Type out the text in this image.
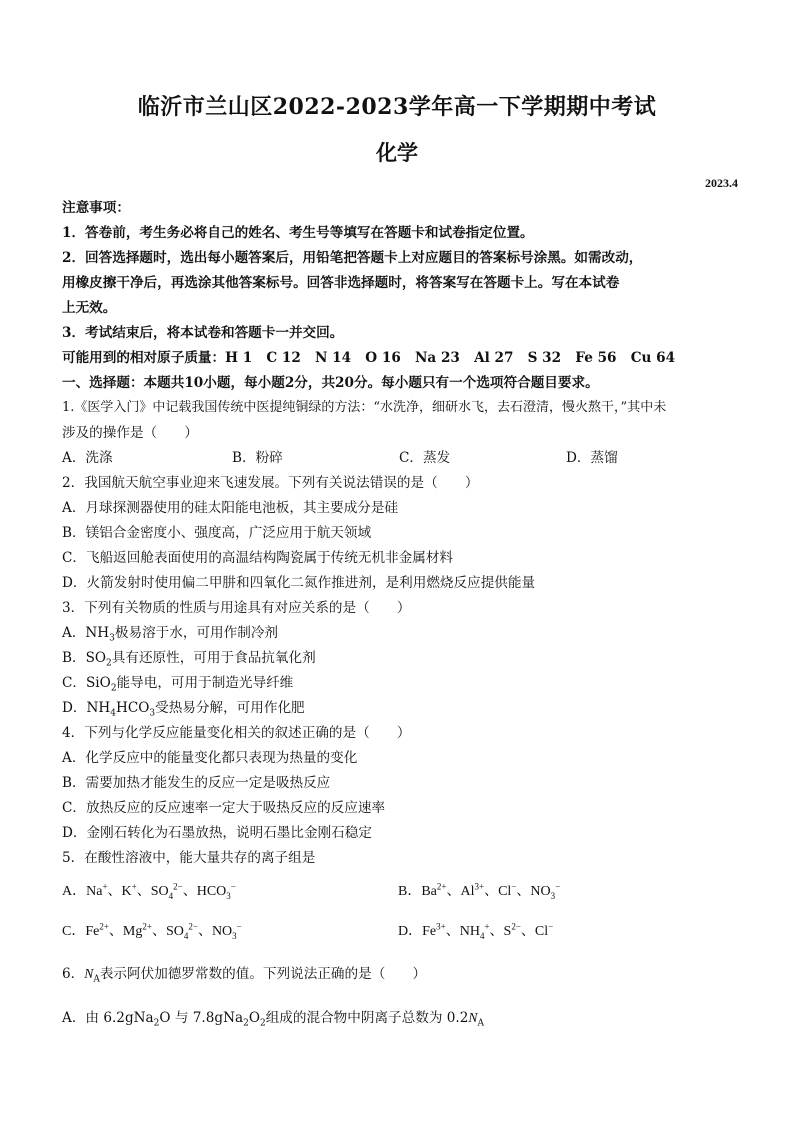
临沂市兰山区2022-2023学年高一下学期期中考试
化学
2023.4
注意事项：
1．答卷前，考生务必将自己的姓名、考生号等填写在答题卡和试卷指定位置。
2．回答选择题时，选出每小题答案后，用铅笔把答题卡上对应题目的答案标号涂黑。如需改动，
用橡皮擦干净后，再选涂其他答案标号。回答非选择题时，将答案写在答题卡上。写在本试卷
上无效。
3．考试结束后，将本试卷和答题卡一并交回。
可能用到的相对原子质量：H 1   C 12   N 14   O 16   Na 23   Al 27   S 32   Fe 56   Cu 64
一、选择题：本题共10小题，每小题2分，共20分。每小题只有一个选项符合题目要求。
1.《医学入门》中记载我国传统中医提纯铜绿的方法：“水洗净，细研水飞，去石澄清，慢火熬干，”其中未
涉及的操作是（　　）
A．洗涤	B．粉碎	C．蒸发	D．蒸馏
2．我国航天航空事业迎来飞速发展。下列有关说法错误的是（　　）
A．月球探测器使用的硅太阳能电池板，其主要成分是硅
B．镁铝合金密度小、强度高，广泛应用于航天领域
C．飞船返回舱表面使用的高温结构陶瓷属于传统无机非金属材料
D．火箭发射时使用偏二甲肼和四氧化二氮作推进剂，是利用燃烧反应提供能量
3．下列有关物质的性质与用途具有对应关系的是（　　）
A．$NH_3$极易溶于水，可用作制冷剂
B．$SO_2$具有还原性，可用于食品抗氧化剂
C．SiO$_2$能导电，可用于制造光导纤维
D．$NH_4HCO_3$受热易分解，可用作化肥
4．下列与化学反应能量变化相关的叙述正确的是（　　）
A．化学反应中的能量变化都只表现为热量的变化
B．需要加热才能发生的反应一定是吸热反应
C．放热反应的反应速率一定大于吸热反应的反应速率
D．金刚石转化为石墨放热，说明石墨比金刚石稳定
5．在酸性溶液中，能大量共存的离子组是
A．Na+、K+、$SO_4^{2-}$、$HCO_3^-$	B．$Ba^{2+}$、$Al^{3+}$、Cl−、$NO_3^-$
C．$Fe^{2+}$、$Mg^{2+}$、$SO_4^{2-}$、$NO_3^-$	D．$Fe^{3+}$、$NH_4^+$、$S^{2-}$、Cl−
6．$N_A$表示阿伏加德罗常数的值。下列说法正确的是（　　）
A．由 6.2gNa$_2$O 与 $7.8gNa_2O_2$组成的混合物中阴离子总数为 $0.2N_A$
